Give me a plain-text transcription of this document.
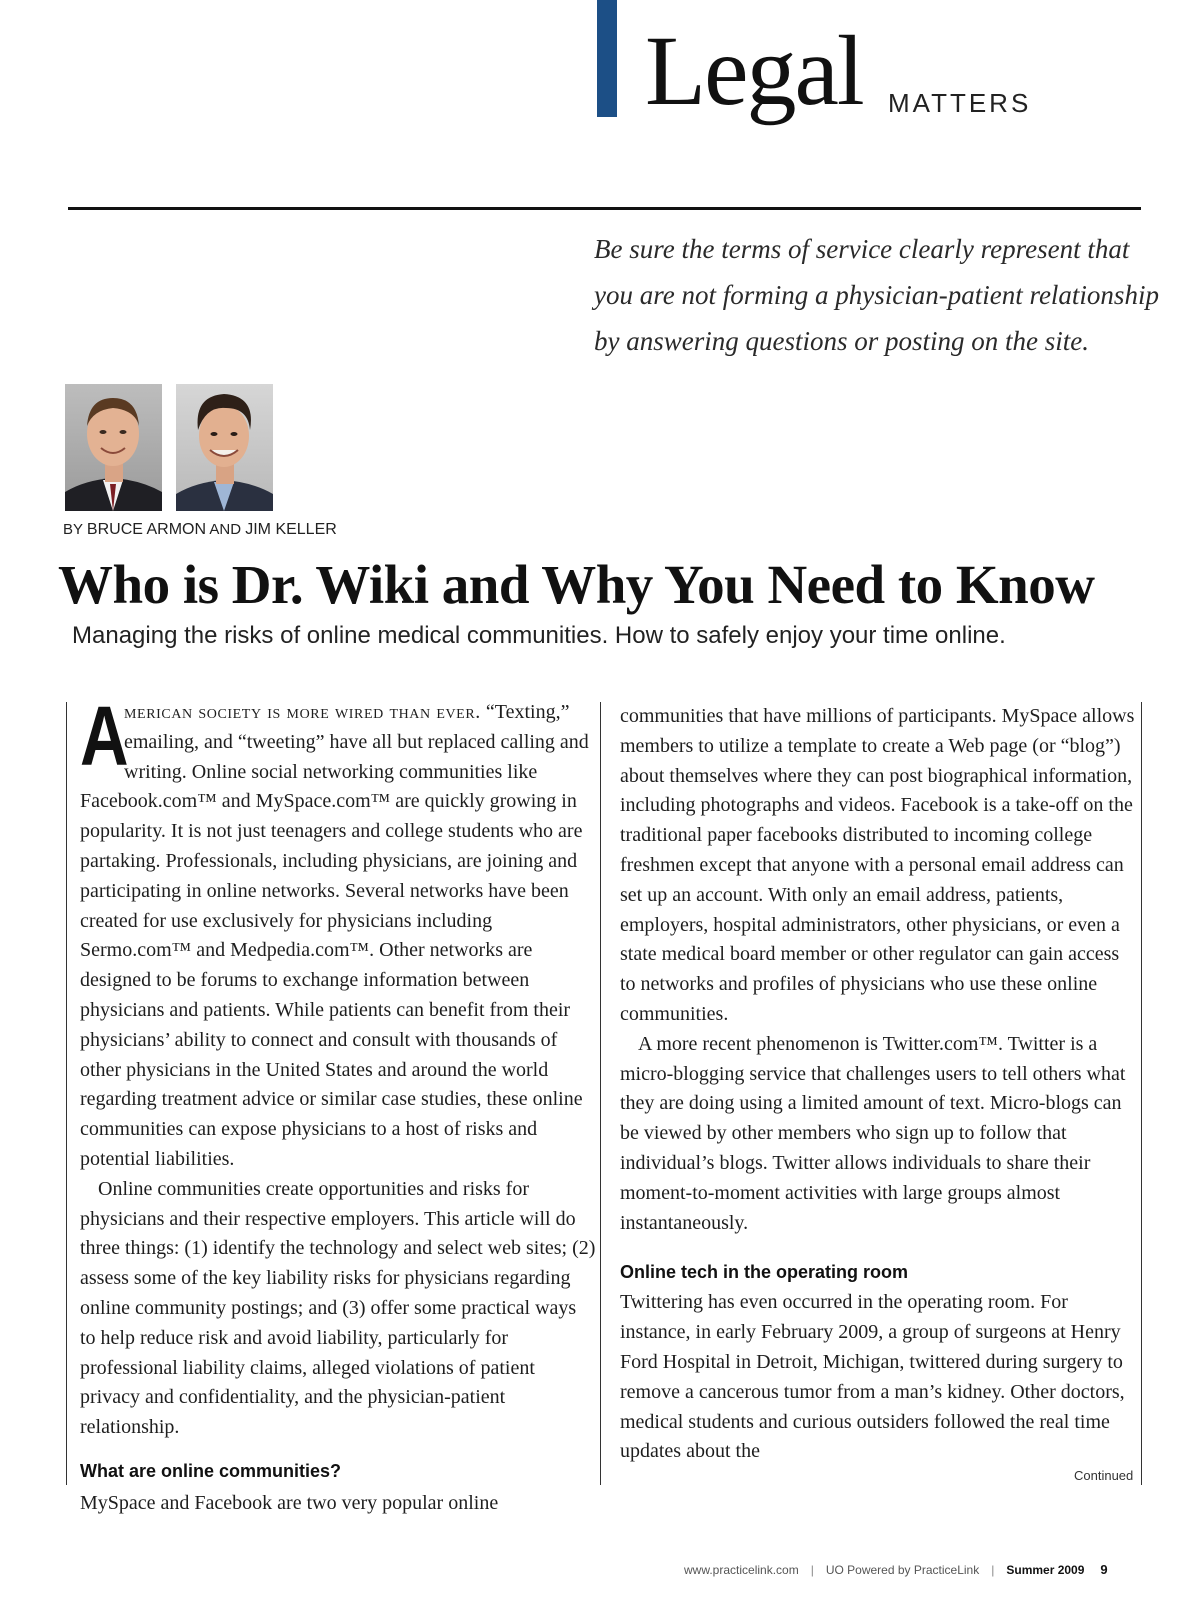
Legal MATTERS
Be sure the terms of service clearly represent that you are not forming a physician-patient relationship by answering questions or posting on the site.
BY BRUCE ARMON AND JIM KELLER
Who is Dr. Wiki and Why You Need to Know
Managing the risks of online medical communities. How to safely enjoy your time online.

A
merican society is more wired than ever. “Texting,” emailing, and “tweeting” have all but replaced calling and writing. Online social networking communities like Facebook.com™ and MySpace.com™ are quickly growing in popularity. It is not just teenagers and college students who are partaking. Professionals, including physicians, are joining and participating in online networks. Several networks have been created for use exclusively for physicians including Sermo.com™ and Medpedia.com™. Other networks are designed to be forums to exchange information between physicians and patients. While patients can benefit from their physicians’ ability to connect and consult with thousands of other physicians in the United States and around the world regarding treatment advice or similar case studies, these online communities can expose physicians to a host of risks and potential liabilities.

Online communities create opportunities and risks for physicians and their respective employers. This article will do three things: (1) identify the technology and select web sites; (2) assess some of the key liability risks for physicians regarding online community postings; and (3) offer some practical ways to help reduce risk and avoid liability, particularly for professional liability claims, alleged violations of patient privacy and confidentiality, and the physician-patient relationship.

What are online communities?

MySpace and Facebook are two very popular online

communities that have millions of participants. MySpace allows members to utilize a template to create a Web page (or “blog”) about themselves where they can post biographical information, including photographs and videos. Facebook is a take-off on the traditional paper facebooks distributed to incoming college freshmen except that anyone with a personal email address can set up an account. With only an email address, patients, employers, hospital administrators, other physicians, or even a state medical board member or other regulator can gain access to networks and profiles of physicians who use these online communities.

A more recent phenomenon is Twitter.com™. Twitter is a micro-blogging service that challenges users to tell others what they are doing using a limited amount of text. Micro-blogs can be viewed by other members who sign up to follow that individual’s blogs. Twitter allows individuals to share their moment-to-moment activities with large groups almost instantaneously.

Online tech in the operating room

Twittering has even occurred in the operating room. For instance, in early February 2009, a group of surgeons at Henry Ford Hospital in Detroit, Michigan, twittered during surgery to remove a cancerous tumor from a man’s kidney. Other doctors, medical students and curious outsiders followed the real time updates about the

Continued
www.practicelink.com | UO Powered by PracticeLink | Summer 2009 9
